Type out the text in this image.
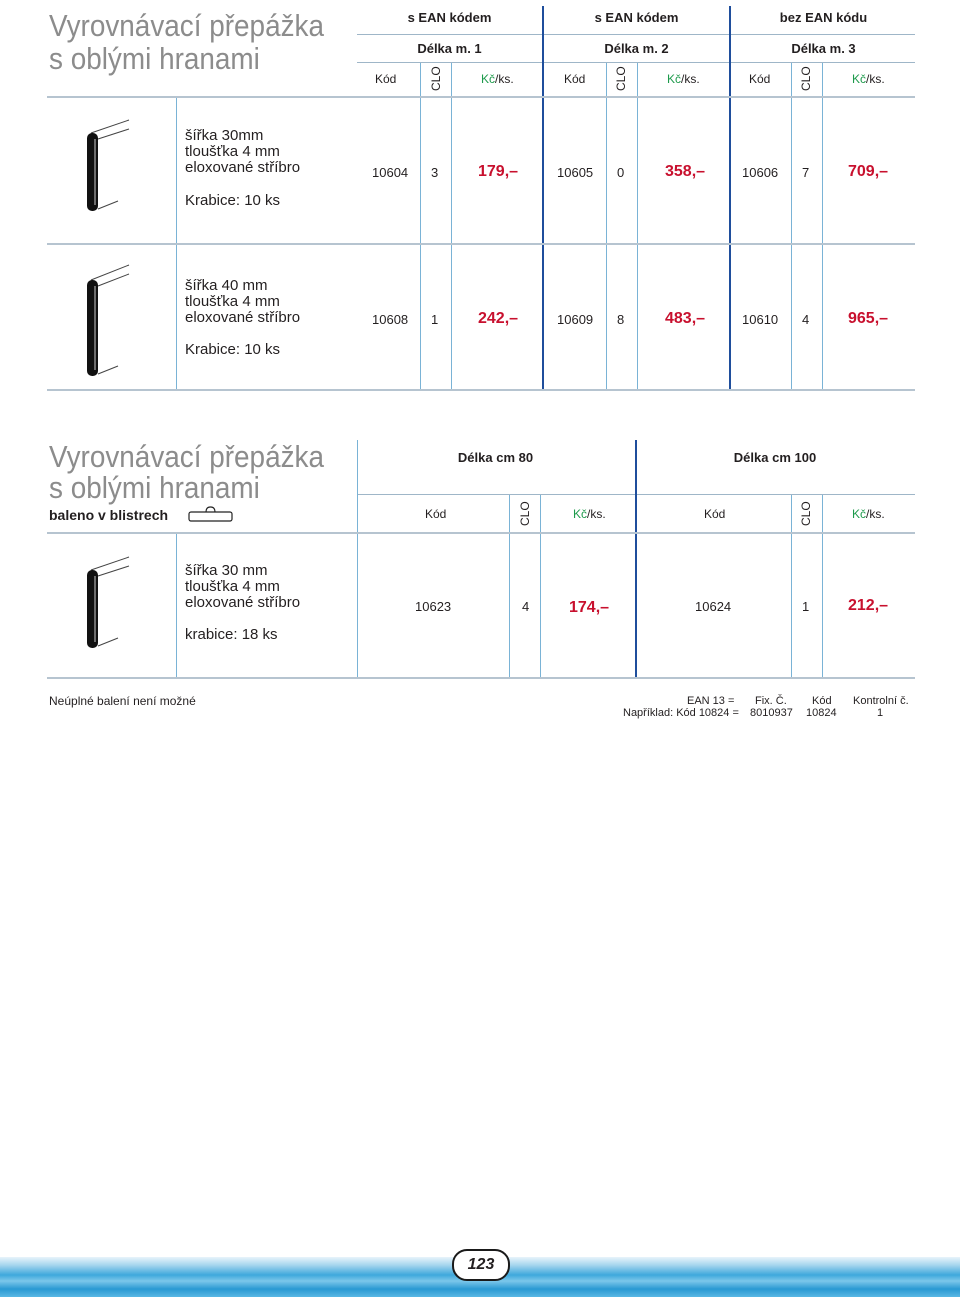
Vyrovnávací přepážka
s oblými hranami
s EAN kódem	s EAN kódem	bez EAN kódu
Délka m. 1	Délka m. 2	Délka m. 3
Kód	CLO	Kč/ks.	Kód CLO	Kč/ks.	Kód CLO	Kč/ks.
šířka 30mm
tloušťka 4 mm
eloxované stříbro
Krabice: 10 ks
10604 3 179,–	10605 0	358,–	10606 7 709,–
šířka 40 mm
tloušťka 4 mm
eloxované stříbro
Krabice: 10 ks
10608 1 242,–	10609 8	483,–	10610 4 965,–
Vyrovnávací přepážka
s oblými hranami
baleno v blistrech
Délka cm 80	Délka cm 100
Kód	CLO	Kč/ks.	Kód	CLO	Kč/ks.
šířka 30 mm
tloušťka 4 mm
eloxované stříbro
krabice: 18 ks
10623	4 174,–	10624	1 212,–
Neúplné balení není možné	EAN 13 = Fix. Č. Kód Kontrolní č.
Například: Kód 10824 = 8010937 10824	1
123
